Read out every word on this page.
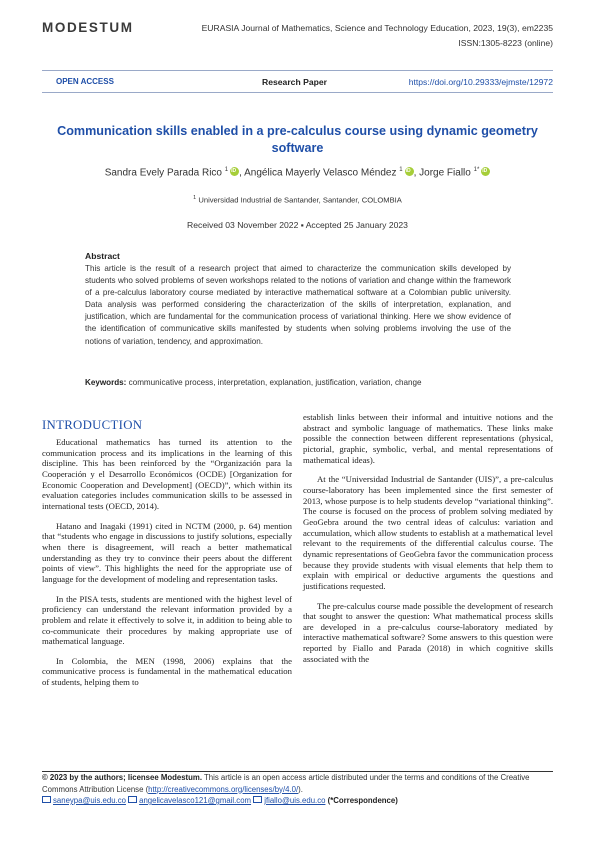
MODESTUM	EURASIA Journal of Mathematics, Science and Technology Education, 2023, 19(3), em2235
ISSN:1305-8223 (online)
OPEN ACCESS	Research Paper	https://doi.org/10.29333/ejmste/12972
Communication skills enabled in a pre-calculus course using dynamic geometry software
Sandra Evely Parada Rico $^1$ iD , Angélica Mayerly Velasco Méndez $^1$ iD , Jorge Fiallo $^{1*}$iD
$^1$ Universidad Industrial de Santander, Santander, COLOMBIA
Received 03 November 2022 ▪ Accepted 25 January 2023
Abstract
This article is the result of a research project that aimed to characterize the communication skills developed by students who solved problems of seven workshops related to the notions of variation and change within the framework of a pre-calculus laboratory course mediated by interactive mathematical software at a Colombian public university. Data analysis was performed considering the characterization of the skills of interpretation, explanation, and justification, which are fundamental for the communication process of variational thinking. Here we show evidence of the identification of communicative skills manifested by students when solving problems involving the use of the notions of variation, tendency, and approximation.
Keywords: communicative process, interpretation, explanation, justification, variation, change
INTRODUCTION

Educational mathematics has turned its attention to the communication process and its implications in the learning of this discipline. This has been reinforced by the “Organización para la Cooperación y el Desarrollo Económicos (OCDE) [Organization for Economic Cooperation and Development] (OECD)”, which within its evaluation categories includes communication skills to be assessed in international tests (OECD, 2014).

Hatano and Inagaki (1991) cited in NCTM (2000, p. 64) mention that “students who engage in discussions to justify solutions, especially when there is disagreement, will reach a better mathematical understanding as they try to convince their peers about the different points of view”. This highlights the need for the appropriate use of language for the development of modeling and representation tasks.

In the PISA tests, students are mentioned with the highest level of proficiency can understand the relevant information provided by a problem and relate it effectively to solve it, in addition to being able to co-communicate their procedures by making appropriate use of mathematical language.

In Colombia, the MEN (1998, 2006) explains that the communicative process is fundamental in the mathematical education of students, helping them to

establish links between their informal and intuitive notions and the abstract and symbolic language of mathematics. These links make possible the connection between different representations (physical, pictorial, graphic, symbolic, verbal, and mental representations of mathematical ideas).

At the “Universidad Industrial de Santander (UIS)”, a pre-calculus course-laboratory has been implemented since the first semester of 2013, whose purpose is to help students develop “variational thinking”. The course is focused on the process of problem solving mediated by GeoGebra around the two central ideas of calculus: variation and accumulation, which allow students to establish at a mathematical level relevant to the requirements of the differential calculus course. The dynamic representations of GeoGebra favor the communication process because they provide students with visual elements that help them to explain with empirical or deductive arguments the questions and justifications requested.

The pre-calculus course made possible the development of research that sought to answer the question: What mathematical process skills are developed in a pre-calculus course-laboratory mediated by interactive mathematical software? Some answers to this question were reported by Fiallo and Parada (2018) in which cognitive skills associated with the

© 2023 by the authors; licensee Modestum. This article is an open access article distributed under the terms and conditions of the Creative Commons Attribution License (http://creativecommons.org/licenses/by/4.0/).
saneypa@uis.edu.co angelicavelasco121@gmail.com jfiallo@uis.edu.co (*Correspondence)
